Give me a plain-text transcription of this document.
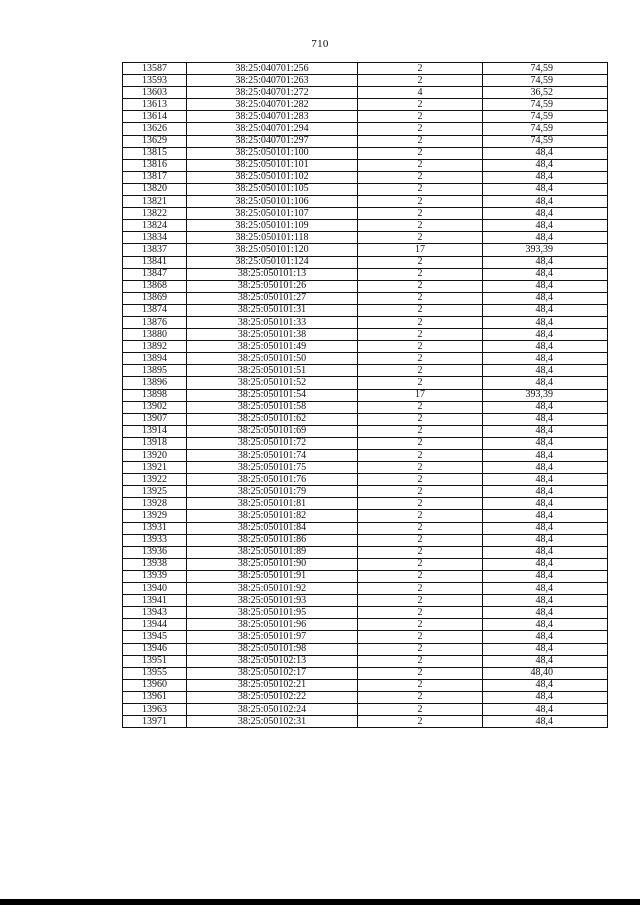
710
13587	38:25:040701:256	2	74,59
13593	38:25:040701:263	2	74,59
13603	38:25:040701:272	4	36,52
13613	38:25:040701:282	2	74,59
13614	38:25:040701:283	2	74,59
13626	38:25:040701:294	2	74,59
13629	38:25:040701:297	2	74,59
13815	38:25:050101:100	2	48,4
13816	38:25:050101:101	2	48,4
13817	38:25:050101:102	2	48,4
13820	38:25:050101:105	2	48,4
13821	38:25:050101:106	2	48,4
13822	38:25:050101:107	2	48,4
13824	38:25:050101:109	2	48,4
13834	38:25:050101:118	2	48,4
13837	38:25:050101:120	17	393,39
13841	38:25:050101:124	2	48,4
13847	38:25:050101:13	2	48,4
13868	38:25:050101:26	2	48,4
13869	38:25:050101:27	2	48,4
13874	38:25:050101:31	2	48,4
13876	38:25:050101:33	2	48,4
13880	38:25:050101:38	2	48,4
13892	38:25:050101:49	2	48,4
13894	38:25:050101:50	2	48,4
13895	38:25:050101:51	2	48,4
13896	38:25:050101:52	2	48,4
13898	38:25:050101:54	17	393,39
13902	38:25:050101:58	2	48,4
13907	38:25:050101:62	2	48,4
13914	38:25:050101:69	2	48,4
13918	38:25:050101:72	2	48,4
13920	38:25:050101:74	2	48,4
13921	38:25:050101:75	2	48,4
13922	38:25:050101:76	2	48,4
13925	38:25:050101:79	2	48,4
13928	38:25:050101:81	2	48,4
13929	38:25:050101:82	2	48,4
13931	38:25:050101:84	2	48,4
13933	38:25:050101:86	2	48,4
13936	38:25:050101:89	2	48,4
13938	38:25:050101:90	2	48,4
13939	38:25:050101:91	2	48,4
13940	38:25:050101:92	2	48,4
13941	38:25:050101:93	2	48,4
13943	38:25:050101:95	2	48,4
13944	38:25:050101:96	2	48,4
13945	38:25:050101:97	2	48,4
13946	38:25:050101:98	2	48,4
13951	38:25:050102:13	2	48,4
13955	38:25:050102:17	2	48,40
13960	38:25:050102:21	2	48,4
13961	38:25:050102:22	2	48,4
13963	38:25:050102:24	2	48,4
13971	38:25:050102:31	2	48,4
